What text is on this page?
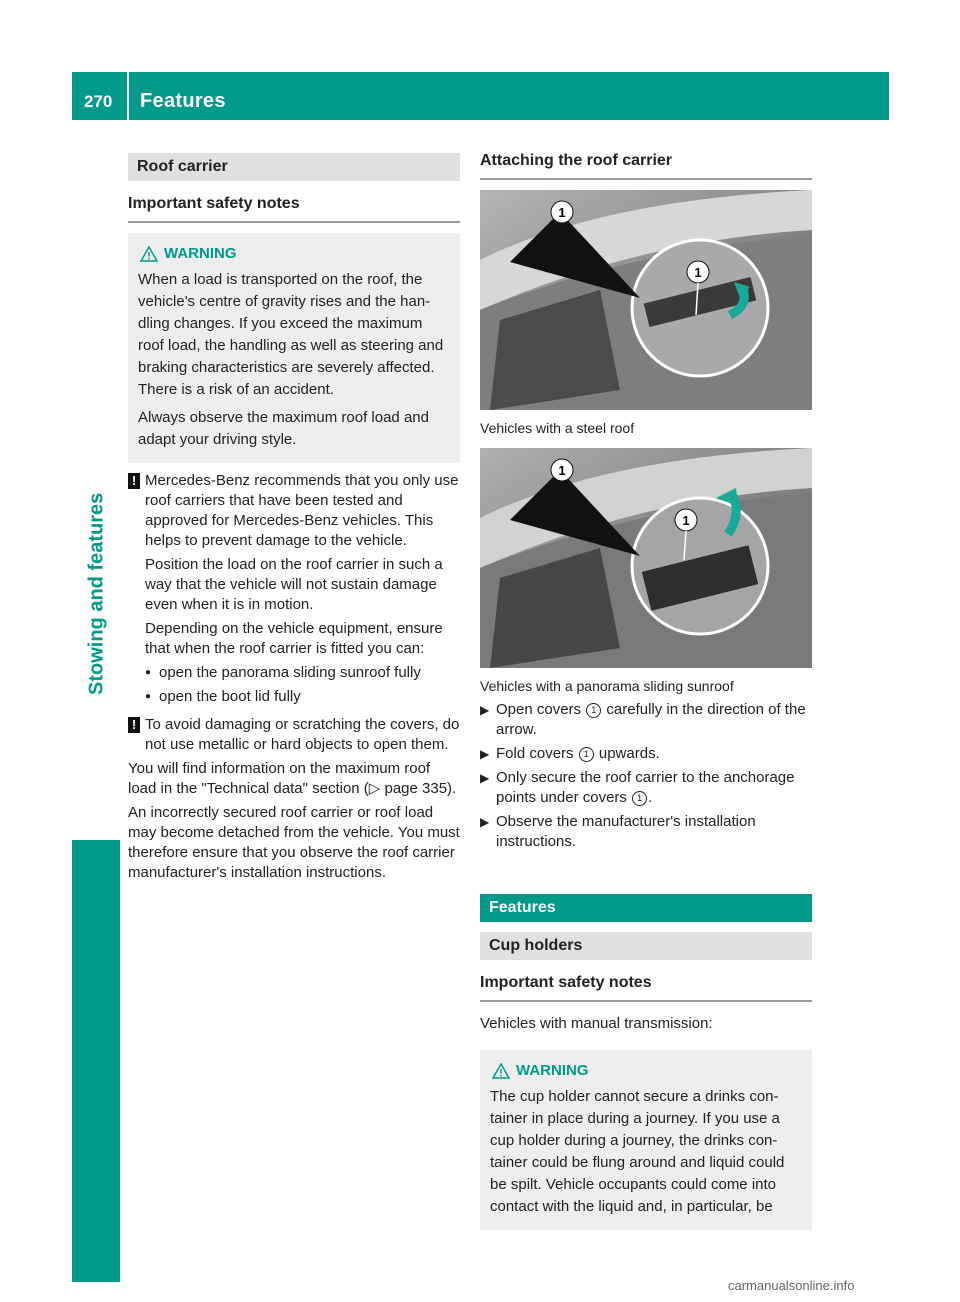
270 Features
Stowing and features
Roof carrier
Important safety notes
WARNING

When a load is transported on the roof, the vehicle's centre of gravity rises and the han-dling changes. If you exceed the maximum roof load, the handling as well as steering and braking characteristics are severely affected. There is a risk of an accident.

Always observe the maximum roof load and adapt your driving style.

! Mercedes-Benz recommends that you only use roof carriers that have been tested and approved for Mercedes-Benz vehicles. This helps to prevent damage to the vehicle.

Position the load on the roof carrier in such a way that the vehicle will not sustain damage even when it is in motion.

Depending on the vehicle equipment, ensure that when the roof carrier is fitted you can:

● open the panorama sliding sunroof fully
● open the boot lid fully
! To avoid damaging or scratching the covers, do not use metallic or hard objects to open them.

You will find information on the maximum roof load in the "Technical data" section (▷ page 335).

An incorrectly secured roof carrier or roof load may become detached from the vehicle. You must therefore ensure that you observe the roof carrier manufacturer's installation instructions.

Attaching the roof carrier
1
1
Vehicles with a steel roof
1
1
Vehicles with a panorama sliding sunroof
▶ Open covers 1 carefully in the direction of the arrow.
▶ Fold covers 1 upwards.
▶ Only secure the roof carrier to the anchorage points under covers 1 .
▶ Observe the manufacturer's installation instructions.
Features
Cup holders
Important safety notes
Vehicles with manual transmission:
WARNING

The cup holder cannot secure a drinks con-tainer in place during a journey. If you use a cup holder during a journey, the drinks con-tainer could be flung around and liquid could be spilt. Vehicle occupants could come into contact with the liquid and, in particular, be

carmanualsonline.info
